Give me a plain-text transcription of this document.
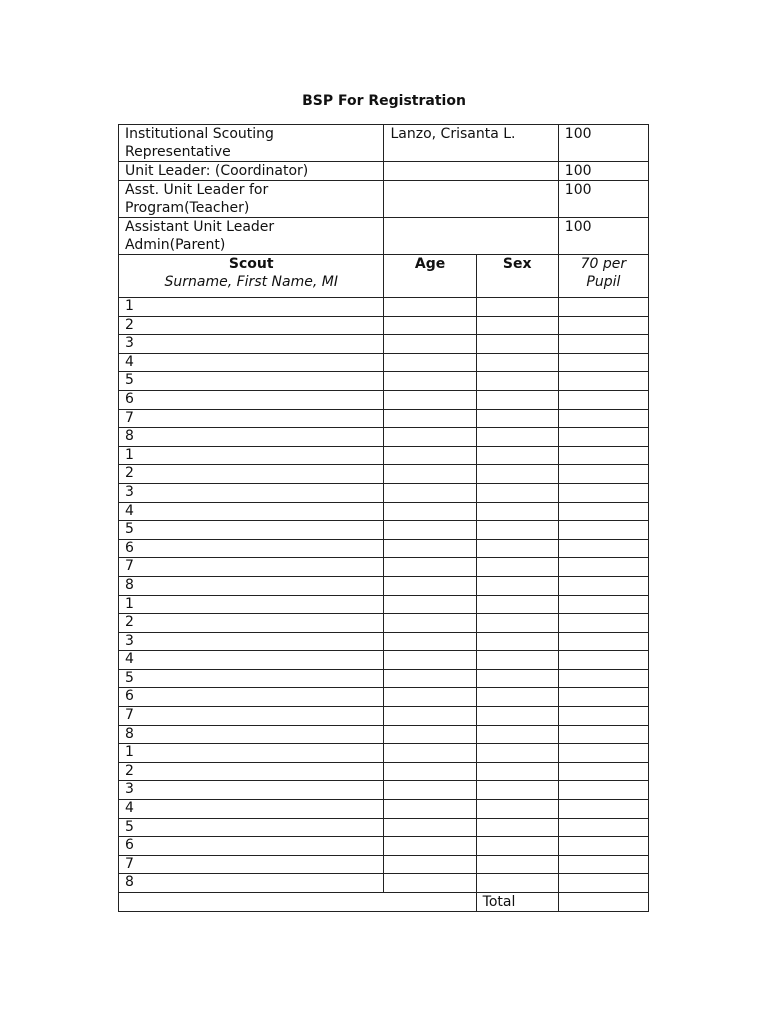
BSP For Registration
Institutional Scouting Representative	Lanzo, Crisanta L.		100
Unit Leader: (Coordinator)			100
Asst. Unit Leader for Program(Teacher)			100
Assistant Unit Leader Admin(Parent)			100

Scout
Surname, First Name, MI	Age	Sex	70 per Pupil
1			
2			
3			
4			
5			
6			
7			
8			
1			
2			
3			
4			
5			
6			
7			
8			
1			
2			
3			
4			
5			
6			
7			
8			
1			
2			
3			
4			
5			
6			
7			
8			
		Total	
